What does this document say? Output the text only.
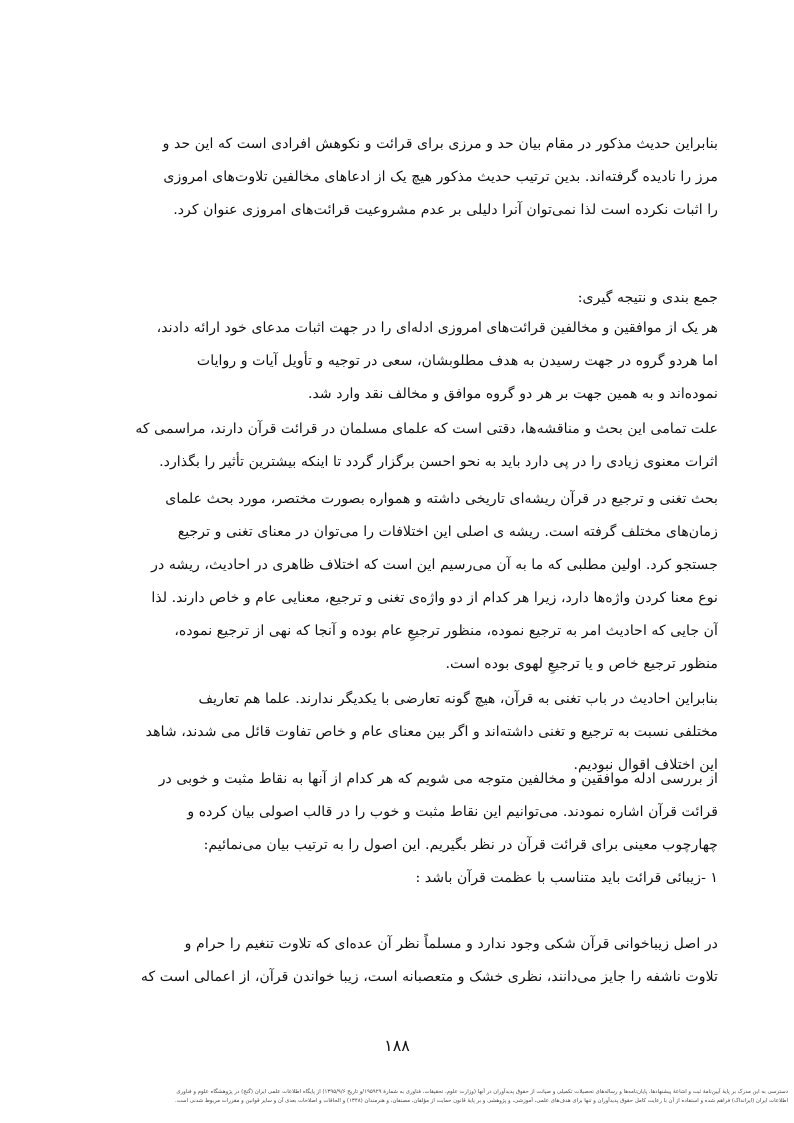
بنابراین حدیث مذکور در مقام بیان حد و مرزی برای قرائت و نکوهش افرادی است که این حد و
مرز را نادیده گرفته‌اند. بدین ترتیب حدیث مذکور هیچ یک از ادعاهای مخالفین تلاوت‌های امروزی
را اثبات نکرده است لذا نمی‌توان آنرا دلیلی بر عدم مشروعیت قرائت‌های امروزی عنوان کرد.

جمع بندی و نتیجه گیری:

هر یک از موافقین و مخالفین قرائت‌های امروزی ادله‌ای را در جهت اثبات مدعای خود ارائه دادند،
اما هردو گروه در جهت رسیدن به هدف مطلوبشان، سعی در توجیه و تأویل آیات و روایات
نموده‌اند و به همین جهت بر هر دو گروه موافق و مخالف نقد وارد شد.

علت تمامی این بحث و مناقشه‌ها، دقتی است که علمای مسلمان در قرائت قرآن دارند، مراسمی که
اثرات معنوی زیادی را در پی دارد باید به نحو احسن برگزار گردد تا اینکه بیشترین تأثیر را بگذارد.

بحث تغنی و ترجیع در قرآن ریشه‌ای تاریخی داشته و همواره بصورت مختصر، مورد بحث علمای
زمان‌های مختلف گرفته است. ریشه ی اصلی این اختلافات را می‌توان در معنای تغنی و ترجیع
جستجو کرد. اولین مطلبی که ما به آن می‌رسیم این است که اختلاف ظاهری در احادیث، ریشه در
نوع معنا کردن واژه‌ها دارد، زیرا هر کدام از دو واژه‌ی تغنی و ترجیع، معنایی عام و خاص دارند. لذا
آن جایی که احادیث امر به ترجیع نموده، منظور ترجیعِ عام بوده و آنجا که نهی از ترجیع نموده،
منظور ترجیع خاص و یا ترجیعِ لهوی بوده است.

بنابراین احادیث در باب تغنی به قرآن، هیچ گونه تعارضی با یکدیگر ندارند. علما هم تعاریف
مختلفی نسبت به ترجیع و تغنی داشته‌اند و اگر بین معنای عام و خاص تفاوت قائل می شدند، شاهد
این اختلاف اقوال نبودیم.

از بررسی ادله موافقین و مخالفین متوجه می شویم که هر کدام از آنها به نقاط مثبت و خوبی در
قرائت قرآن اشاره نمودند. می‌توانیم این نقاط مثبت و خوب را در قالب اصولی بیان کرده و
چهارچوب معینی برای قرائت قرآن در نظر بگیریم. این اصول را به ترتیب بیان می‌نمائیم:

۱ -زیبائی قرائت باید متناسب با عظمت قرآن باشد :

در اصل زیباخوانی قرآن شکی وجود ندارد و مسلماً نظر آن عده‌ای که تلاوت تنغیم را حرام و
تلاوت ناشفه را جایز می‌دانند، نظری خشک و متعصبانه است، زیبا خواندن قرآن، از اعمالی است که

۱۸۸
دسترسی به این مدرک بر پایهٔ آیین‌نامهٔ ثبت و اشاعهٔ پیشنهادها، پایان‌نامه‌ها و رساله‌های تحصیلات تکمیلی و صیانت از حقوق پدیدآوران در آنها (وزارت علوم، تحقیقات، فناوری به شمارهٔ ۱۹۵۹۲۹/و تاریخ ۱۳۹۵/۹/۶) از پایگاه اطلاعات علمی ایران (گنج) در پژوهشگاه علوم و فناوری
اطلاعات ایران (ایرانداک) فراهم شده و استفاده از آن با رعایت کامل حقوق پدیدآوران و تنها برای هدف‌های علمی، آموزشی، و پژوهشی و بر پایهٔ قانون حمایت از مؤلفان، مصنفان، و هنرمندان (۱۳۴۸) و الحاقات و اصلاحات بعدی آن و سایر قوانین و مقررات مربوط شدنی است.
